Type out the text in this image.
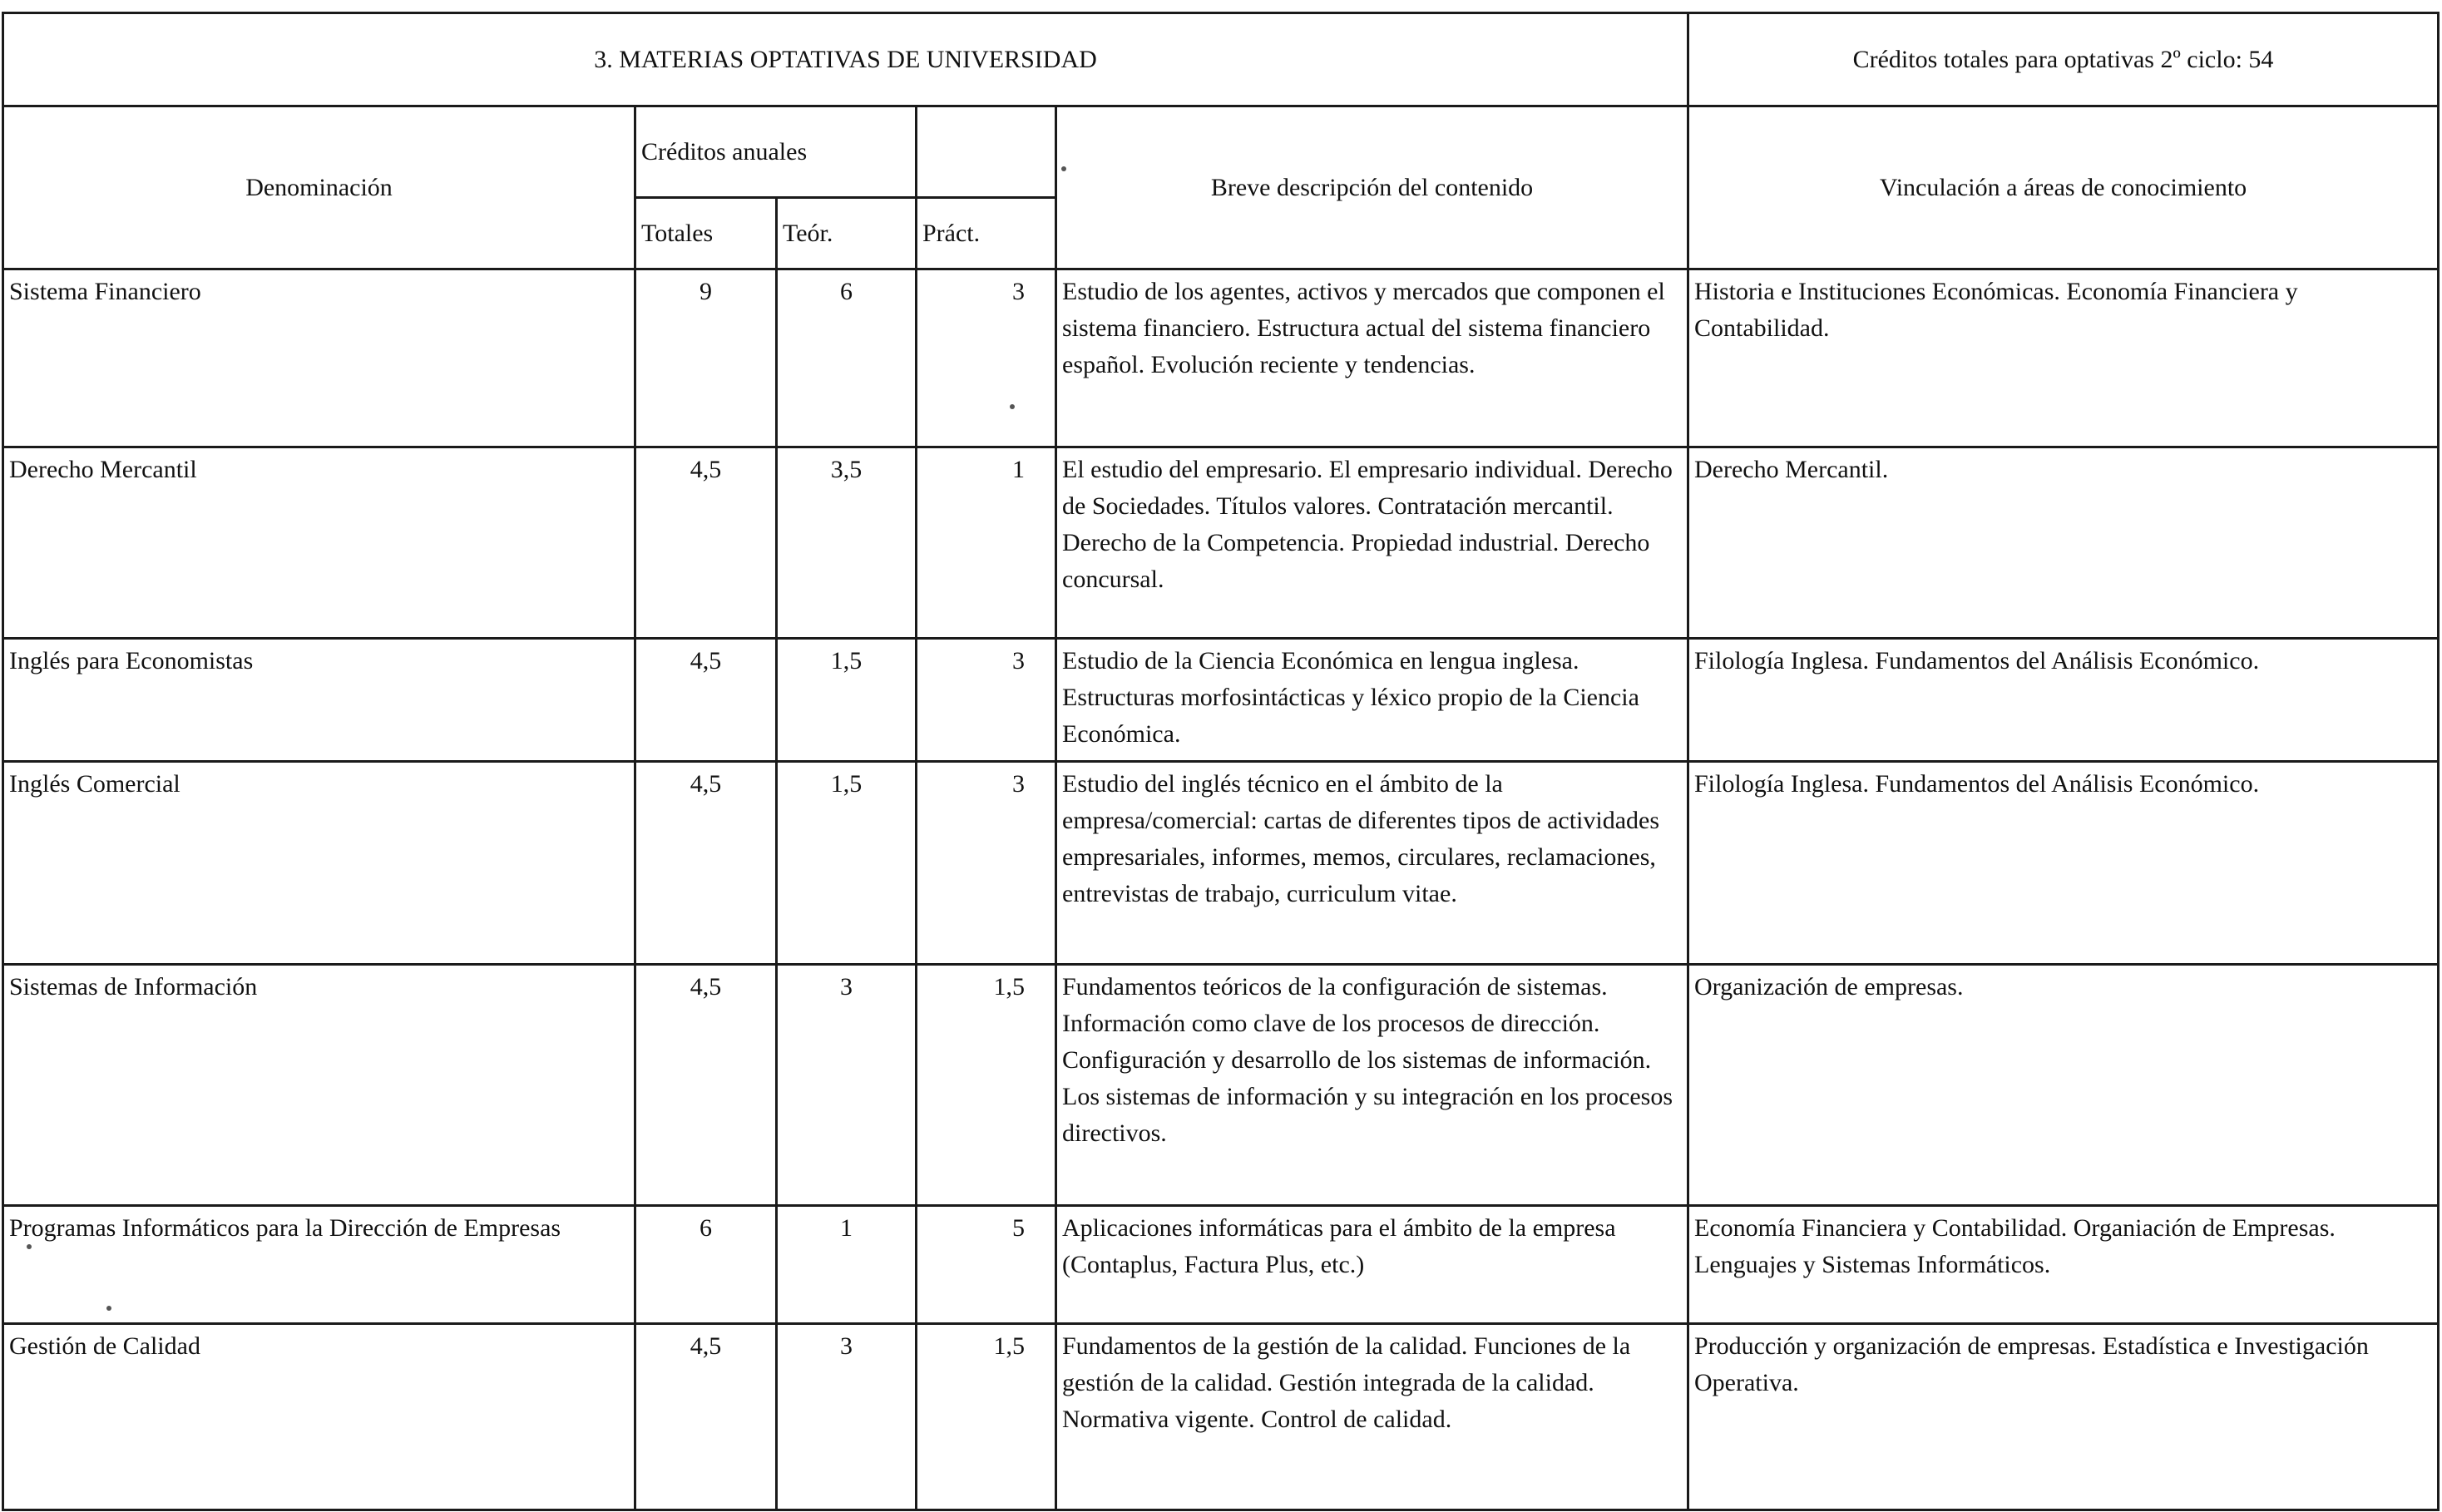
3. MATERIAS OPTATIVAS DE UNIVERSIDAD					Créditos totales para optativas 2º ciclo: 54
Denominación	Créditos anuales			Breve descripción del contenido	Vinculación a áreas de conocimiento
	Totales	Teór.	Práct.		

Sistema Financiero	9	6	3	Estudio de los agentes, activos y mercados que componen el sistema financiero. Estructura actual del sistema financiero español. Evolución reciente y tendencias.	Historia e Instituciones Económicas. Economía Financiera y Contabilidad.

Derecho Mercantil	4,5	3,5	1	El estudio del empresario. El empresario individual. Derecho de Sociedades. Títulos valores. Contratación mercantil. Derecho de la Competencia. Propiedad industrial. Derecho concursal.	Derecho Mercantil.

Inglés para Economistas	4,5	1,5	3	Estudio de la Ciencia Económica en lengua inglesa. Estructuras morfosintácticas y léxico propio de la Ciencia Económica.	Filología Inglesa. Fundamentos del Análisis Económico.

Inglés Comercial	4,5	1,5	3	Estudio del inglés técnico en el ámbito de la empresa/comercial: cartas de diferentes tipos de actividades empresariales, informes, memos, circulares, reclamaciones, entrevistas de trabajo, curriculum vitae.	Filología Inglesa. Fundamentos del Análisis Económico.

Sistemas de Información	4,5	3	1,5	Fundamentos teóricos de la configuración de sistemas. Información como clave de los procesos de dirección. Configuración y desarrollo de los sistemas de información. Los sistemas de información y su integración en los procesos directivos.	Organización de empresas.

Programas Informáticos para la Dirección de Empresas	6	1	5	Aplicaciones informáticas para el ámbito de la empresa (Contaplus, Factura Plus, etc.)	Economía Financiera y Contabilidad. Organiación de Empresas. Lenguajes y Sistemas Informáticos.

Gestión de Calidad	4,5	3	1,5	Fundamentos de la gestión de la calidad. Funciones de la gestión de la calidad. Gestión integrada de la calidad. Normativa vigente. Control de calidad.	Producción y organización de empresas. Estadística e Investigación Operativa.
